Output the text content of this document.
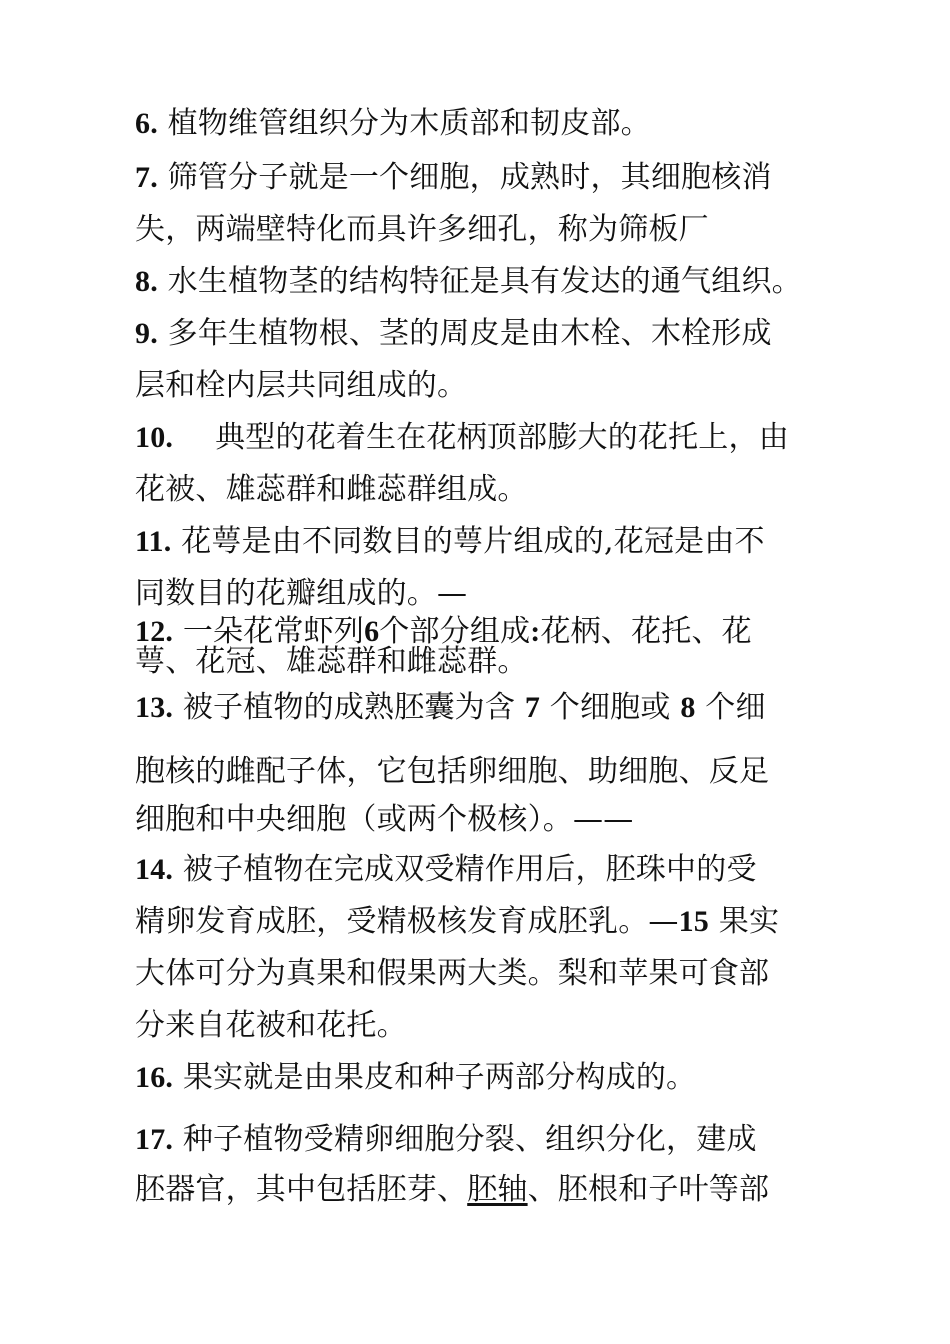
6. 植物维管组织分为木质部和韧皮部。
7. 筛管分子就是一个细胞，成熟时，其细胞核消
失，两端壁特化而具许多细孔，称为筛板厂
8. 水生植物茎的结构特征是具有发达的通气组织。
9. 多年生植物根、茎的周皮是由木栓、木栓形成
层和栓内层共同组成的。
10. 典型的花着生在花柄顶部膨大的花托上，由
花被、雄蕊群和雌蕊群组成。
11. 花萼是由不同数目的萼片组成的,花冠是由不
同数目的花瓣组成的。—
12. 一朵花常虾列6个部分组成:花柄、花托、花
萼、花冠、雄蕊群和雌蕊群。
13. 被子植物的成熟胚囊为含 7 个细胞或 8 个细
胞核的雌配子体，它包括卵细胞、助细胞、反足
细胞和中央细胞（或两个极核）。——
14. 被子植物在完成双受精作用后，胚珠中的受
精卵发育成胚，受精极核发育成胚乳。—15 果实
大体可分为真果和假果两大类。梨和苹果可食部
分来自花被和花托。
16. 果实就是由果皮和种子两部分构成的。
17. 种子植物受精卵细胞分裂、组织分化，建成
胚器官，其中包括胚芽、胚轴、胚根和子叶等部
